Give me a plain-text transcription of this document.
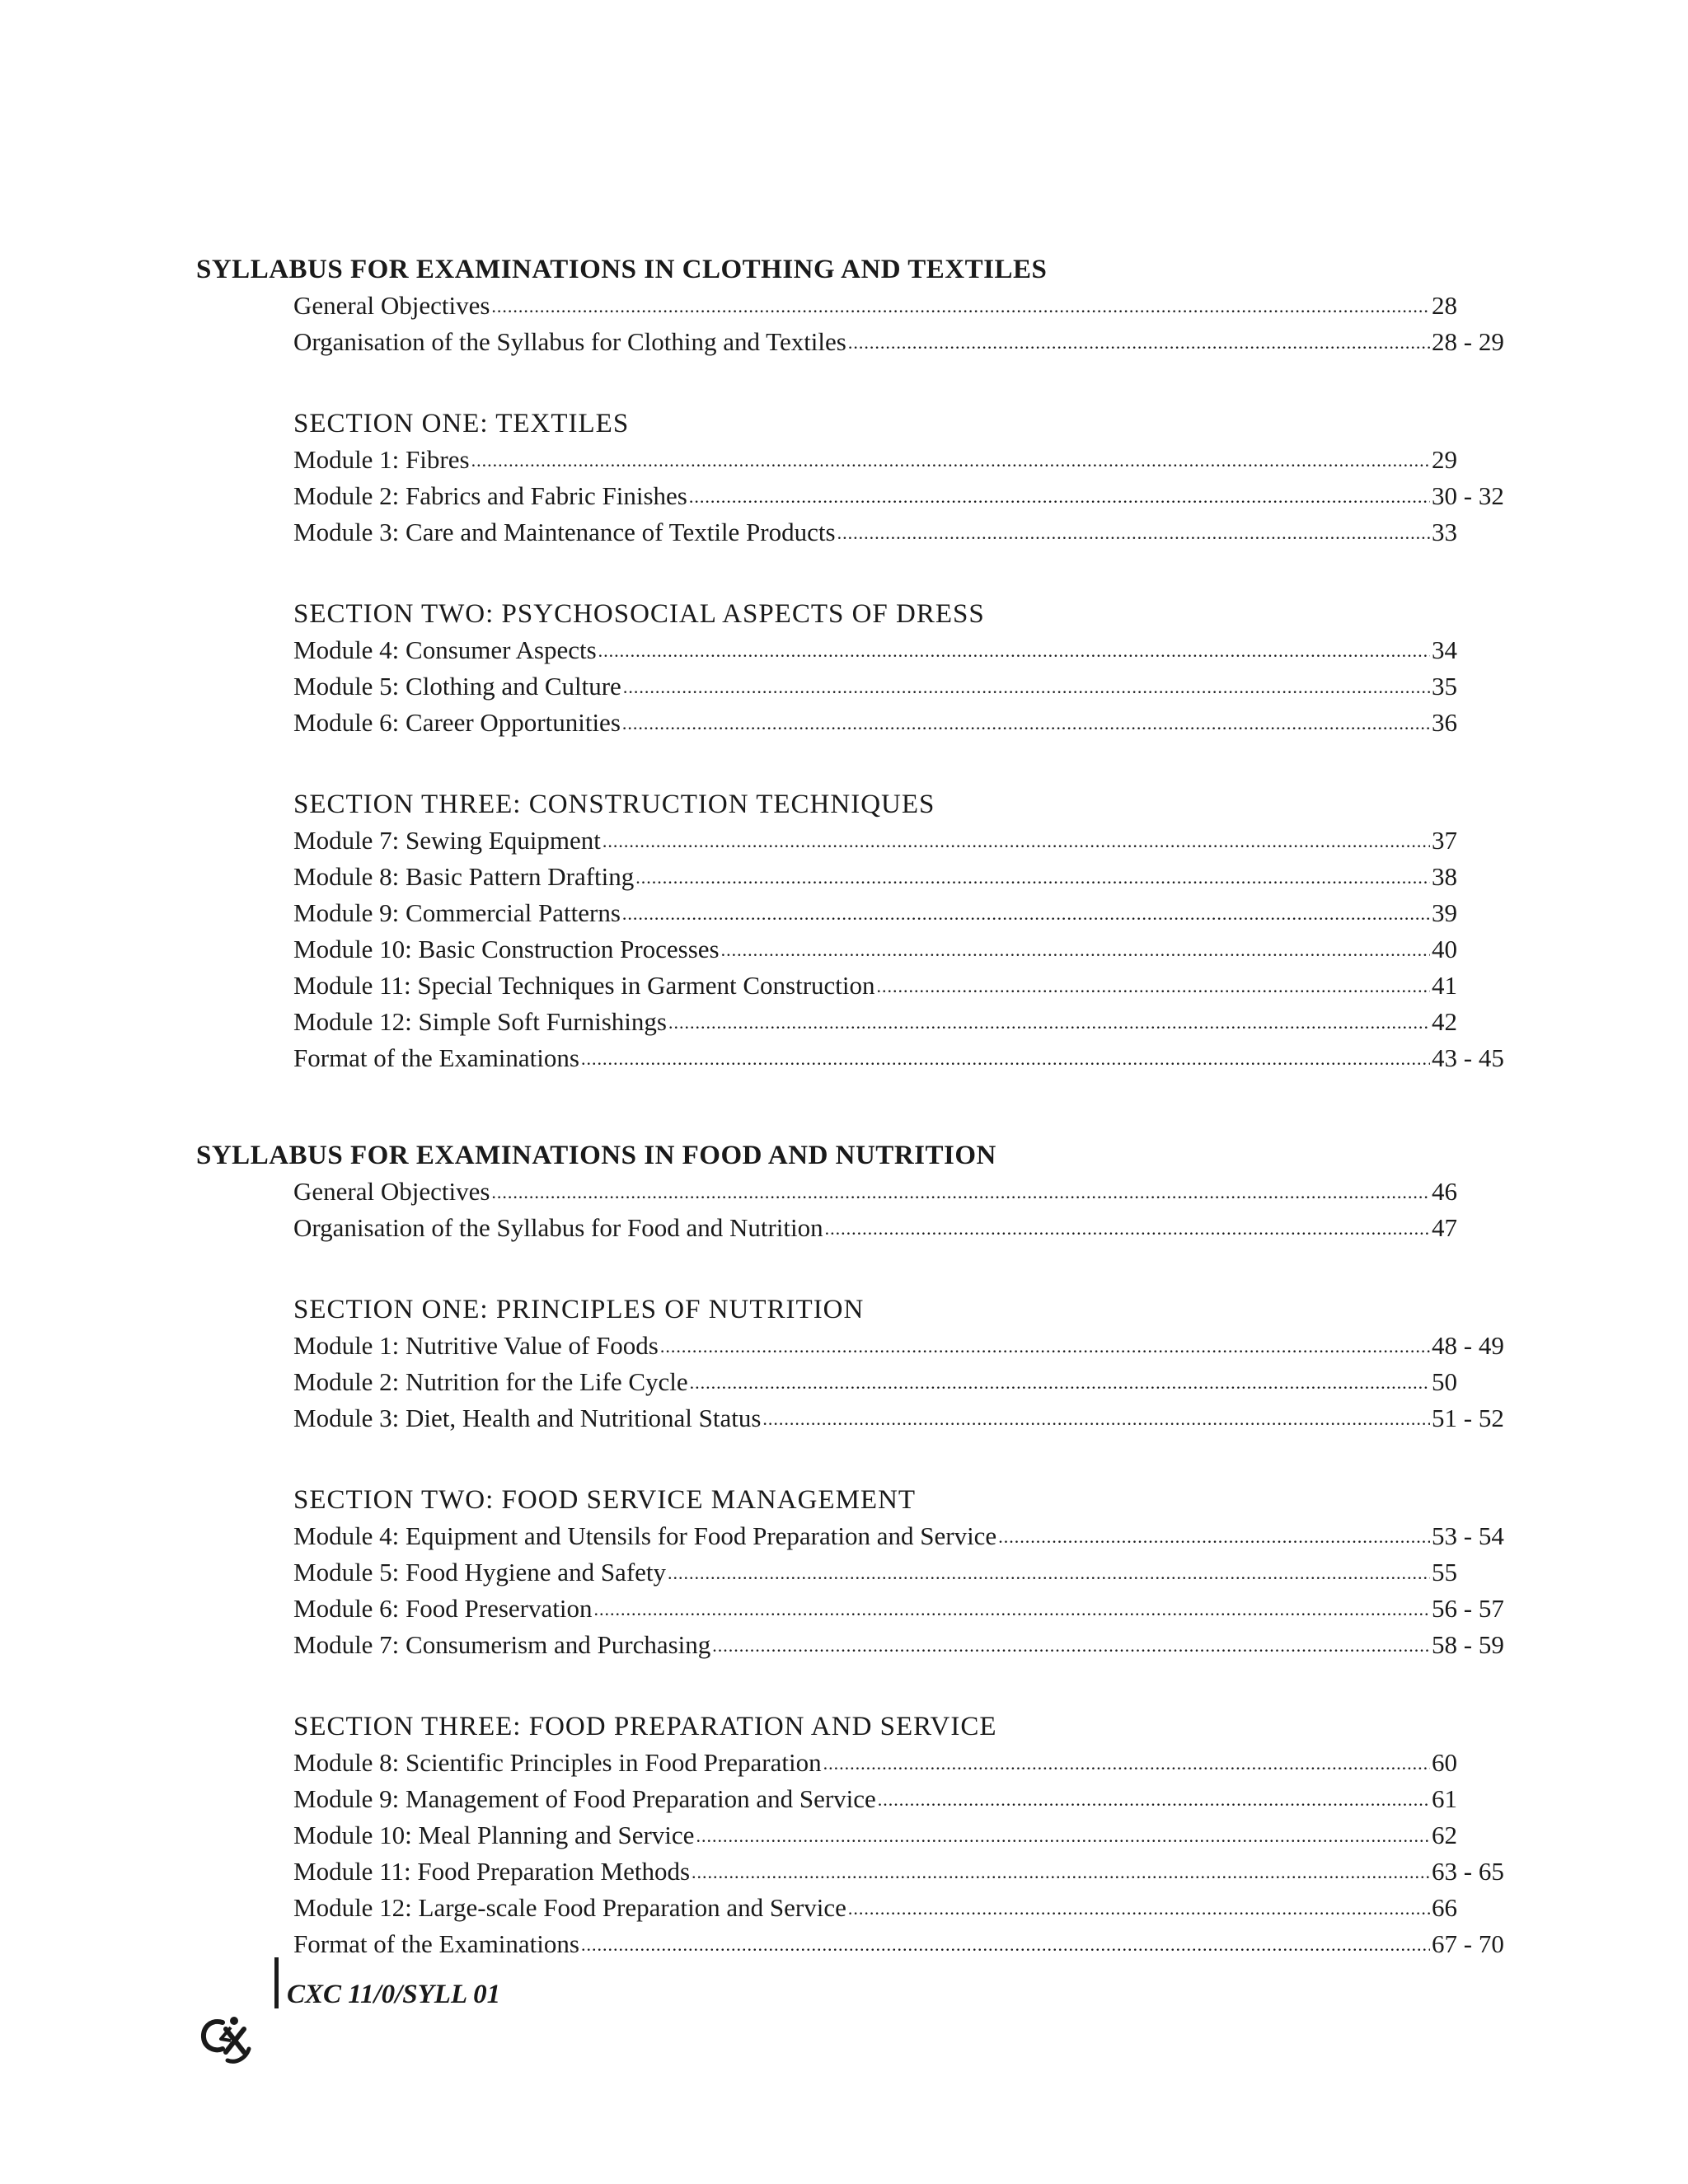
SYLLABUS FOR EXAMINATIONS IN CLOTHING AND TEXTILES
General Objectives .....	28
Organisation of the Syllabus for Clothing and Textiles .....	28 - 29
SECTION ONE: TEXTILES
Module 1: Fibres .....	29
Module 2: Fabrics and Fabric Finishes .....	30 - 32
Module 3: Care and Maintenance of Textile Products .....	33
SECTION TWO: PSYCHOSOCIAL ASPECTS OF DRESS
Module 4: Consumer Aspects .....	34
Module 5: Clothing and Culture .....	35
Module 6: Career Opportunities .....	36
SECTION THREE: CONSTRUCTION TECHNIQUES
Module 7: Sewing Equipment .....	37
Module 8: Basic Pattern Drafting .....	38
Module 9: Commercial Patterns .....	39
Module 10: Basic Construction Processes .....	40
Module 11: Special Techniques in Garment Construction .....	41
Module 12: Simple Soft Furnishings .....	42
Format of the Examinations .....	43 - 45
SYLLABUS FOR EXAMINATIONS IN FOOD AND NUTRITION
General Objectives .....	46
Organisation of the Syllabus for Food and Nutrition .....	47
SECTION ONE: PRINCIPLES OF NUTRITION
Module 1: Nutritive Value of Foods .....	48 - 49
Module 2: Nutrition for the Life Cycle .....	50
Module 3: Diet, Health and Nutritional Status .....	51 - 52
SECTION TWO: FOOD SERVICE MANAGEMENT
Module 4: Equipment and Utensils for Food Preparation and Service .....	53 - 54
Module 5: Food Hygiene and Safety .....	55
Module 6: Food Preservation .....	56 - 57
Module 7: Consumerism and Purchasing .....	58 - 59
SECTION THREE: FOOD PREPARATION AND SERVICE
Module 8: Scientific Principles in Food Preparation .....	60
Module 9: Management of Food Preparation and Service .....	61
Module 10: Meal Planning and Service .....	62
Module 11: Food Preparation Methods .....	63 - 65
Module 12: Large-scale Food Preparation and Service .....	66
Format of the Examinations .....	67 - 70
CXC 11/0/SYLL 01
